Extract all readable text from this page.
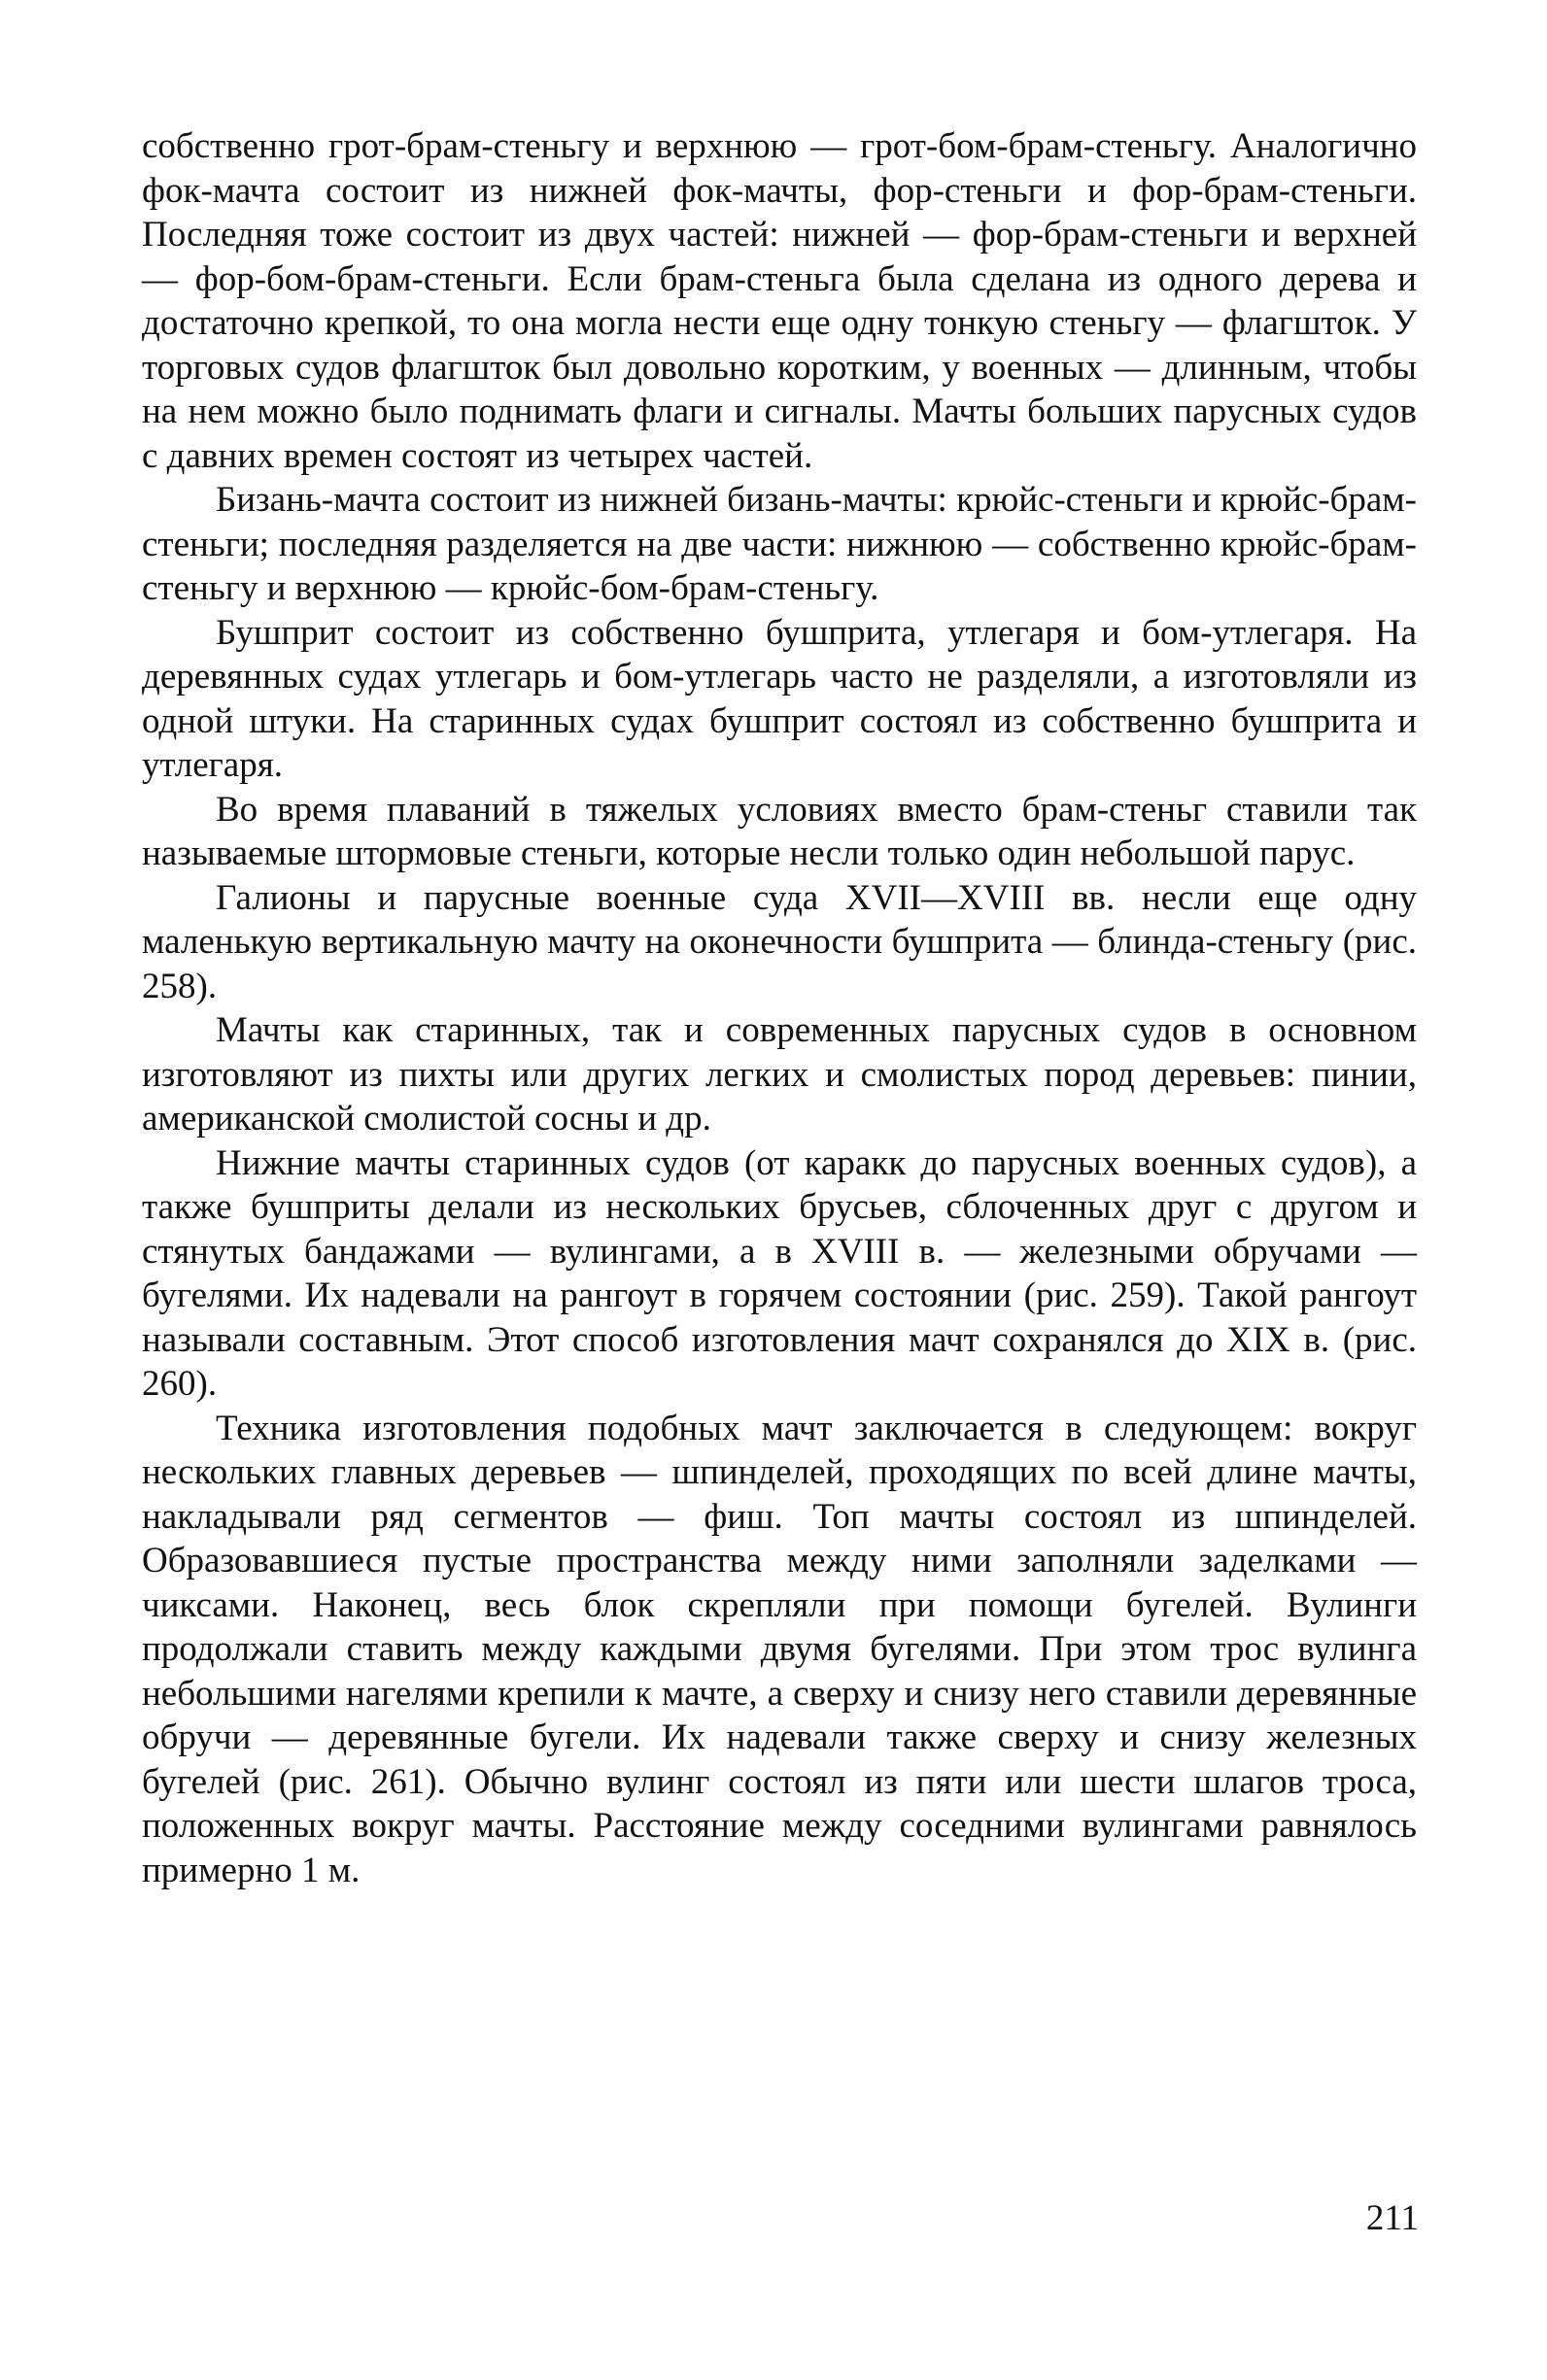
собственно грот-брам-стеньгу и верхнюю — грот-бом-брам-стеньгу. Аналогично фок-мачта состоит из нижней фок-мачты, фор-стеньги и фор-брам-стеньги. Последняя тоже состоит из двух частей: нижней — фор-брам-стеньги и верхней — фор-бом-брам-стеньги. Если брам-стеньга была сделана из одного дерева и достаточно крепкой, то она могла нести еще одну тонкую стеньгу — флагшток. У торговых судов флагшток был довольно коротким, у военных — длинным, чтобы на нем можно было поднимать флаги и сигналы. Мачты больших парусных судов с давних времен состоят из четырех частей.

Бизань-мачта состоит из нижней бизань-мачты: крюйс-стеньги и крюйс-брам-стеньги; последняя разделяется на две части: нижнюю — собственно крюйс-брам-стеньгу и верхнюю — крюйс-бом-брам-стеньгу.

Бушприт состоит из собственно бушприта, утлегаря и бом-утлегаря. На деревянных судах утлегарь и бом-утлегарь часто не разделяли, а изготовляли из одной штуки. На старинных судах бушприт состоял из собственно бушприта и утлегаря.

Во время плаваний в тяжелых условиях вместо брам-стеньг ставили так называемые штормовые стеньги, которые несли только один небольшой парус.

Галионы и парусные военные суда XVII—XVIII вв. несли еще одну маленькую вертикальную мачту на оконечности бушприта — блинда-стеньгу (рис. 258).

Мачты как старинных, так и современных парусных судов в основном изготовляют из пихты или других легких и смолистых пород деревьев: пинии, американской смолистой сосны и др.

Нижние мачты старинных судов (от каракк до парусных военных судов), а также бушприты делали из нескольких брусьев, сблоченных друг с другом и стянутых бандажами — вулингами, а в XVIII в. — железными обручами — бугелями. Их надевали на рангоут в горячем состоянии (рис. 259). Такой рангоут называли составным. Этот способ изготовления мачт сохранялся до XIX в. (рис. 260).

Техника изготовления подобных мачт заключается в следующем: вокруг нескольких главных деревьев — шпинделей, проходящих по всей длине мачты, накладывали ряд сегментов — фиш. Топ мачты состоял из шпинделей. Образовавшиеся пустые пространства между ними заполняли заделками — чиксами. Наконец, весь блок скрепляли при помощи бугелей. Вулинги продолжали ставить между каждыми двумя бугелями. При этом трос вулинга небольшими нагелями крепили к мачте, а сверху и снизу него ставили деревянные обручи — деревянные бугели. Их надевали также сверху и снизу железных бугелей (рис. 261). Обычно вулинг состоял из пяти или шести шлагов троса, положенных вокруг мачты. Расстояние между соседними вулингами равнялось примерно 1 м.

211
